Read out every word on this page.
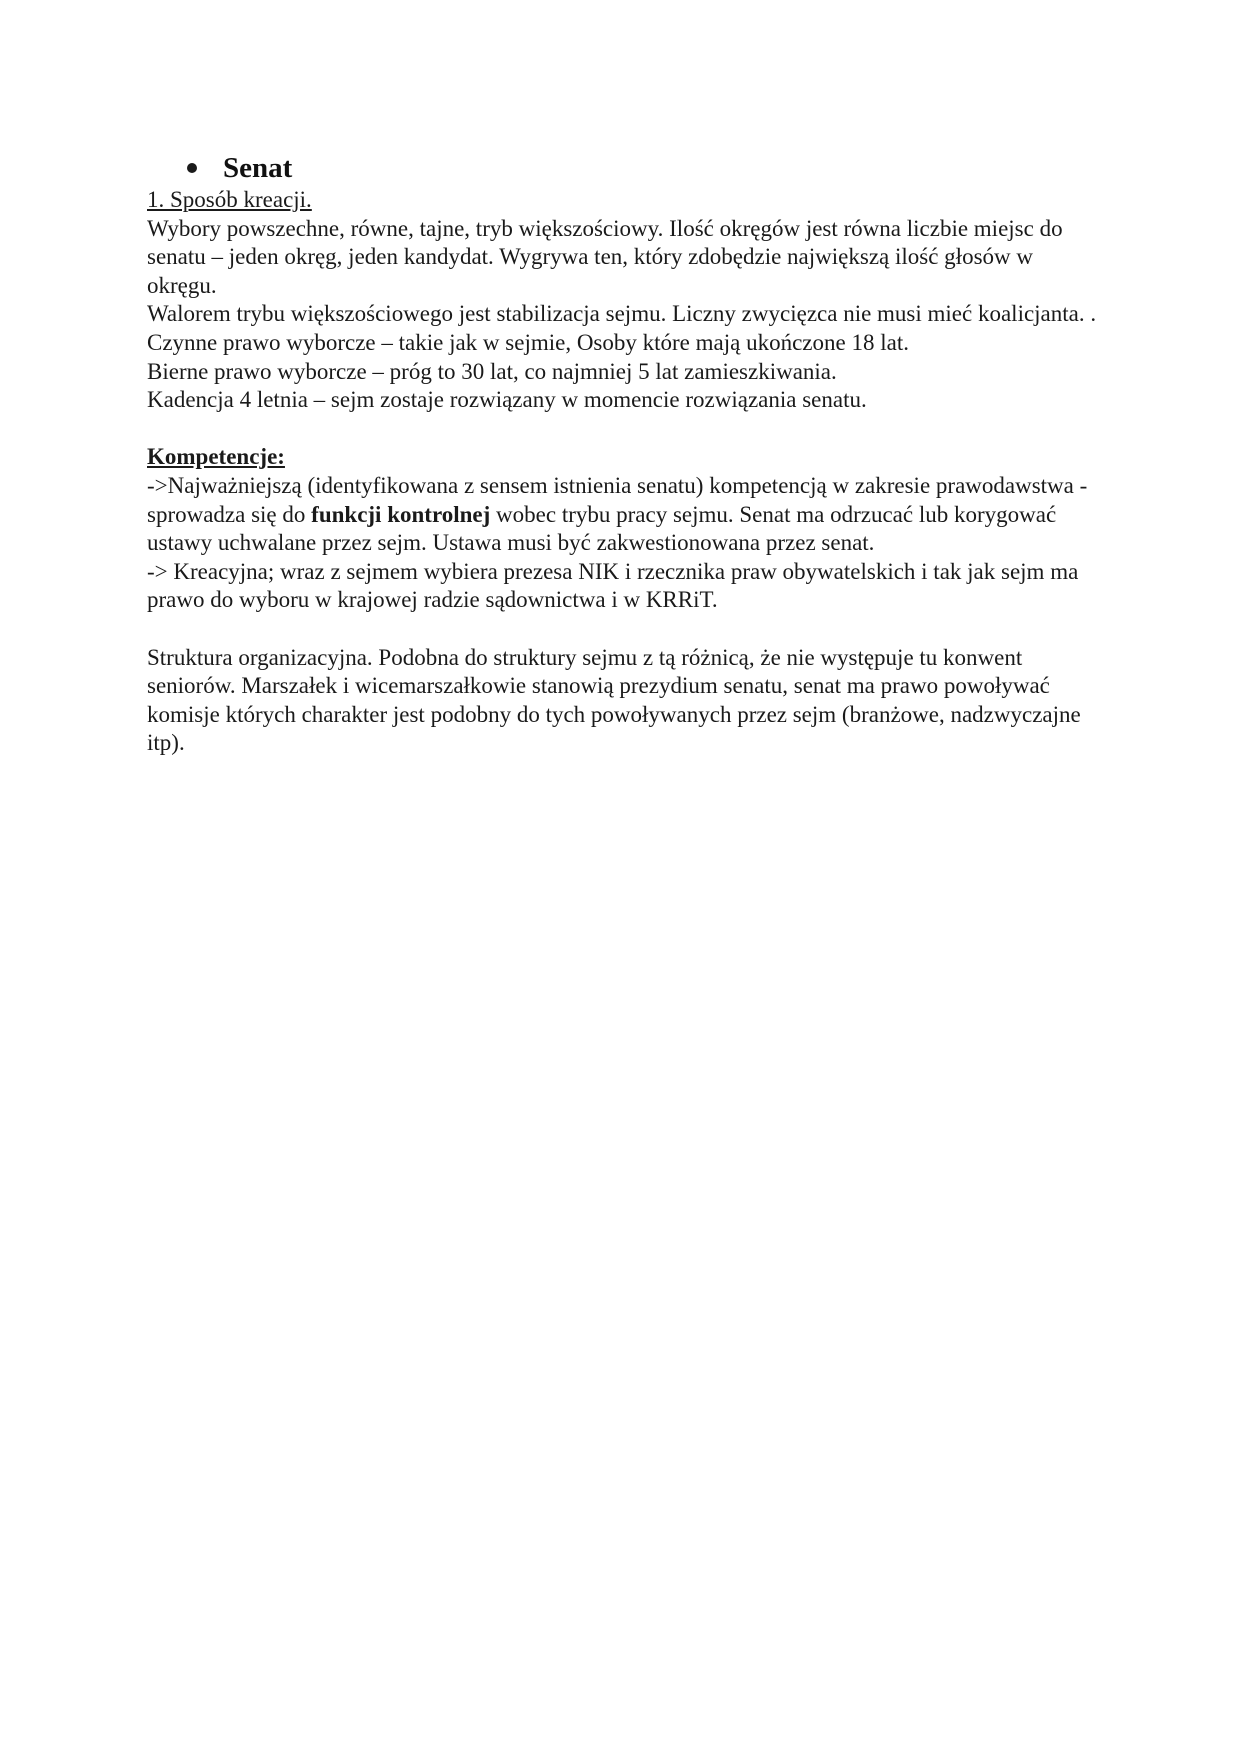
Senat

1. Sposób kreacji.

Wybory powszechne, równe, tajne, tryb większościowy. Ilość okręgów jest równa liczbie miejsc do senatu – jeden okręg, jeden kandydat. Wygrywa ten, który zdobędzie największą ilość głosów w okręgu.

Walorem trybu większościowego jest stabilizacja sejmu. Liczny zwycięzca nie musi mieć koalicjanta. .

Czynne prawo wyborcze – takie jak w sejmie, Osoby które mają ukończone 18 lat.

Bierne prawo wyborcze – próg to 30 lat, co najmniej 5 lat zamieszkiwania.

Kadencja 4 letnia – sejm zostaje rozwiązany w momencie rozwiązania senatu.

Kompetencje:

->Najważniejszą (identyfikowana z sensem istnienia senatu) kompetencją w zakresie prawodawstwa - sprowadza się do funkcji kontrolnej wobec trybu pracy sejmu. Senat ma odrzucać lub korygować ustawy uchwalane przez sejm. Ustawa musi być zakwestionowana przez senat.

-> Kreacyjna; wraz z sejmem wybiera prezesa NIK i rzecznika praw obywatelskich i tak jak sejm ma prawo do wyboru w krajowej radzie sądownictwa i w KRRiT.

Struktura organizacyjna. Podobna do struktury sejmu z tą różnicą, że nie występuje tu konwent seniorów. Marszałek i wicemarszałkowie stanowią prezydium senatu, senat ma prawo powoływać komisje których charakter jest podobny do tych powoływanych przez sejm (branżowe, nadzwyczajne itp).
